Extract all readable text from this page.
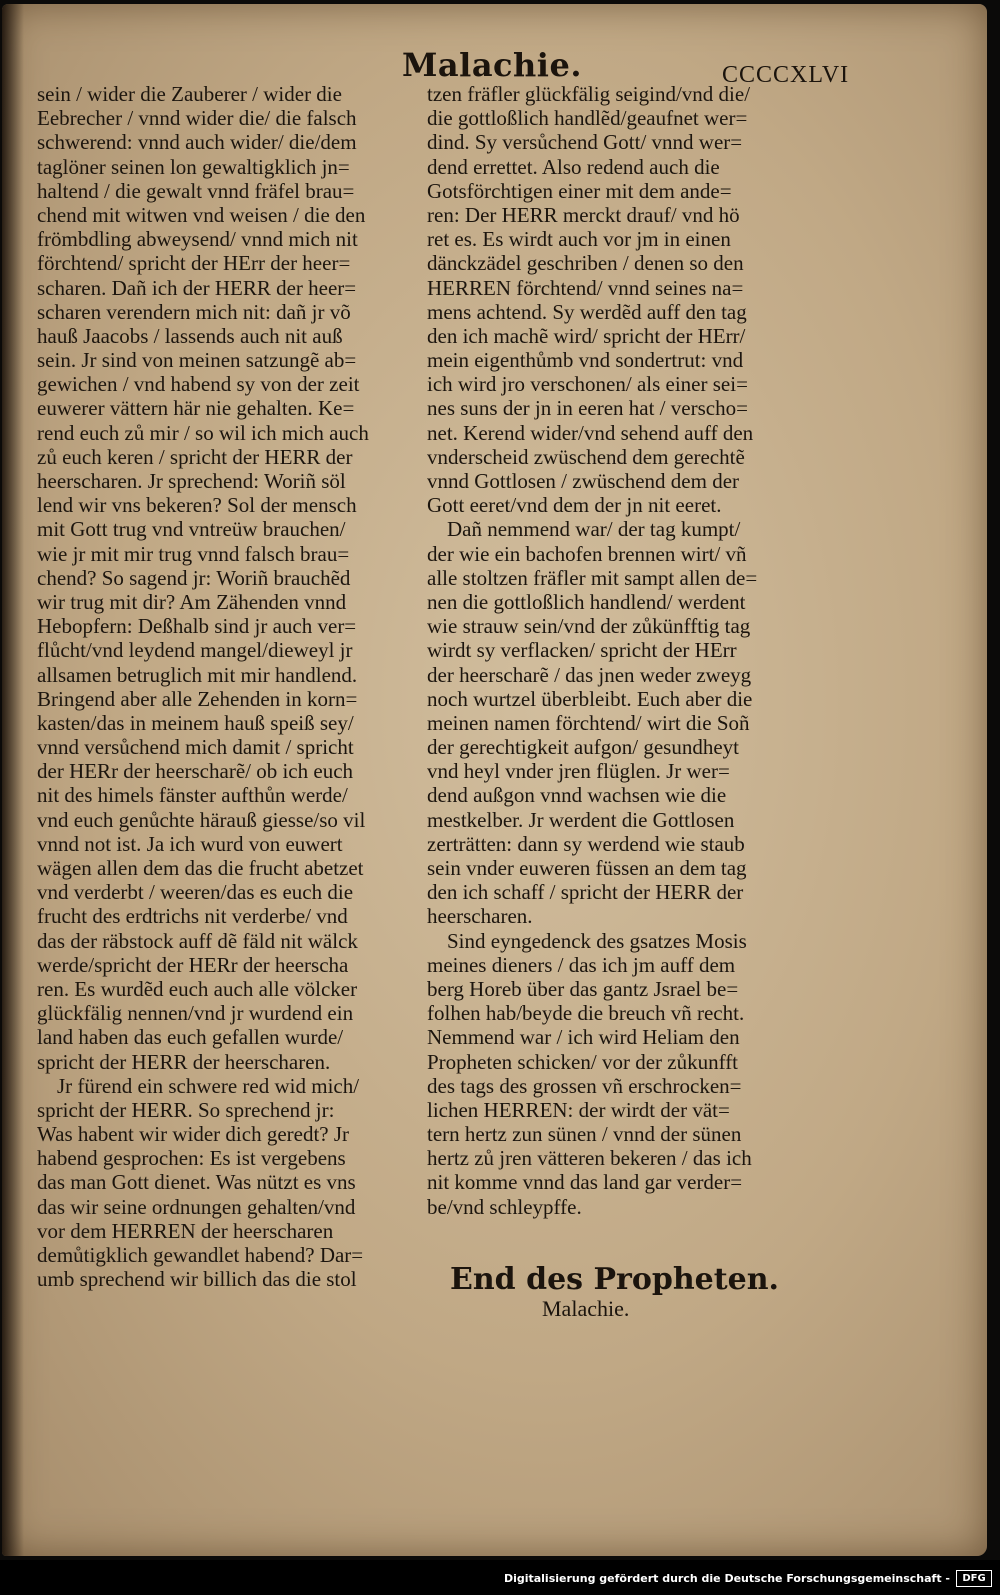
Malachie.	CCCCXLVI
sein / wider die Zauberer / wider die
Eebrecher / vnnd wider die/ die falsch
schwerend: vnnd auch wider/ die/dem
taglöner seinen lon gewaltigklich jn=
haltend / die gewalt vnnd fräfel brau=
chend mit witwen vnd weisen / die den
frömbdling abweysend/ vnnd mich nit
förchtend/ spricht der HErr der heer=
scharen. Dañ ich der HERR der heer=
scharen verendern mich nit: dañ jr võ
hauß Jaacobs / lassends auch nit auß
sein. Jr sind von meinen satzungẽ ab=
gewichen / vnd habend sy von der zeit
euwerer vättern här nie gehalten. Ke=
rend euch zů mir / so wil ich mich auch
zů euch keren / spricht der HERR der
heerscharen. Jr sprechend: Woriñ söl
lend wir vns bekeren? Sol der mensch
mit Gott trug vnd vntreüw brauchen/
wie jr mit mir trug vnnd falsch brau=
chend? So sagend jr: Woriñ brauchẽd
wir trug mit dir? Am Zähenden vnnd
Hebopfern: Deßhalb sind jr auch ver=
flůcht/vnd leydend mangel/dieweyl jr
allsamen betruglich mit mir handlend.
Bringend aber alle Zehenden in korn=
kasten/das in meinem hauß speiß sey/
vnnd versůchend mich damit / spricht
der HERr der heerscharẽ/ ob ich euch
nit des himels fänster aufthůn werde/
vnd euch genůchte härauß giesse/so vil
vnnd not ist. Ja ich wurd von euwert
wägen allen dem das die frucht abetzet
vnd verderbt / weeren/das es euch die
frucht des erdtrichs nit verderbe/ vnd
das der räbstock auff dẽ fäld nit wälck
werde/spricht der HERr der heerscha
ren. Es wurdẽd euch auch alle völcker
glückfälig nennen/vnd jr wurdend ein
land haben das euch gefallen wurde/
spricht der HERR der heerscharen.
Jr fürend ein schwere red wid mich/
spricht der HERR. So sprechend jr:
Was habent wir wider dich geredt? Jr
habend gesprochen: Es ist vergebens
das man Gott dienet. Was nützt es vns
das wir seine ordnungen gehalten/vnd
vor dem HERREN der heerscharen
demůtigklich gewandlet habend? Dar=
umb sprechend wir billich das die stol
tzen fräfler glückfälig seigind/vnd die/
die gottloßlich handlẽd/geaufnet wer=
dind. Sy versůchend Gott/ vnnd wer=
dend errettet. Also redend auch die
Gotsförchtigen einer mit dem ande=
ren: Der HERR merckt drauf/ vnd hö
ret es. Es wirdt auch vor jm in einen
dänckzädel geschriben / denen so den
HERREN förchtend/ vnnd seines na=
mens achtend. Sy werdẽd auff den tag
den ich machẽ wird/ spricht der HErr/
mein eigenthůmb vnd sondertrut: vnd
ich wird jro verschonen/ als einer sei=
nes suns der jn in eeren hat / verscho=
net. Kerend wider/vnd sehend auff den
vnderscheid zwüschend dem gerechtẽ
vnnd Gottlosen / zwüschend dem der
Gott eeret/vnd dem der jn nit eeret.
Dañ nemmend war/ der tag kumpt/
der wie ein bachofen brennen wirt/ vñ
alle stoltzen fräfler mit sampt allen de=
nen die gottloßlich handlend/ werdent
wie strauw sein/vnd der zůkünfftig tag
wirdt sy verflacken/ spricht der HErr
der heerscharẽ / das jnen weder zweyg
noch wurtzel überbleibt. Euch aber die
meinen namen förchtend/ wirt die Soñ
der gerechtigkeit aufgon/ gesundheyt
vnd heyl vnder jren flüglen. Jr wer=
dend außgon vnnd wachsen wie die
mestkelber. Jr werdent die Gottlosen
zerträtten: dann sy werdend wie staub
sein vnder euweren füssen an dem tag
den ich schaff / spricht der HERR der
heerscharen.
Sind eyngedenck des gsatzes Mosis
meines dieners / das ich jm auff dem
berg Horeb über das gantz Jsrael be=
folhen hab/beyde die breuch vñ recht.
Nemmend war / ich wird Heliam den
Propheten schicken/ vor der zůkunfft
des tags des grossen vñ erschrocken=
lichen HERREN: der wirdt der vät=
tern hertz zun sünen / vnnd der sünen
hertz zů jren vätteren bekeren / das ich
nit komme vnnd das land gar verder=
be/vnd schleypffe.
End des Propheten.
Malachie.
Digitalisierung gefördert durch die Deutsche Forschungsgemeinschaft -	DFG
